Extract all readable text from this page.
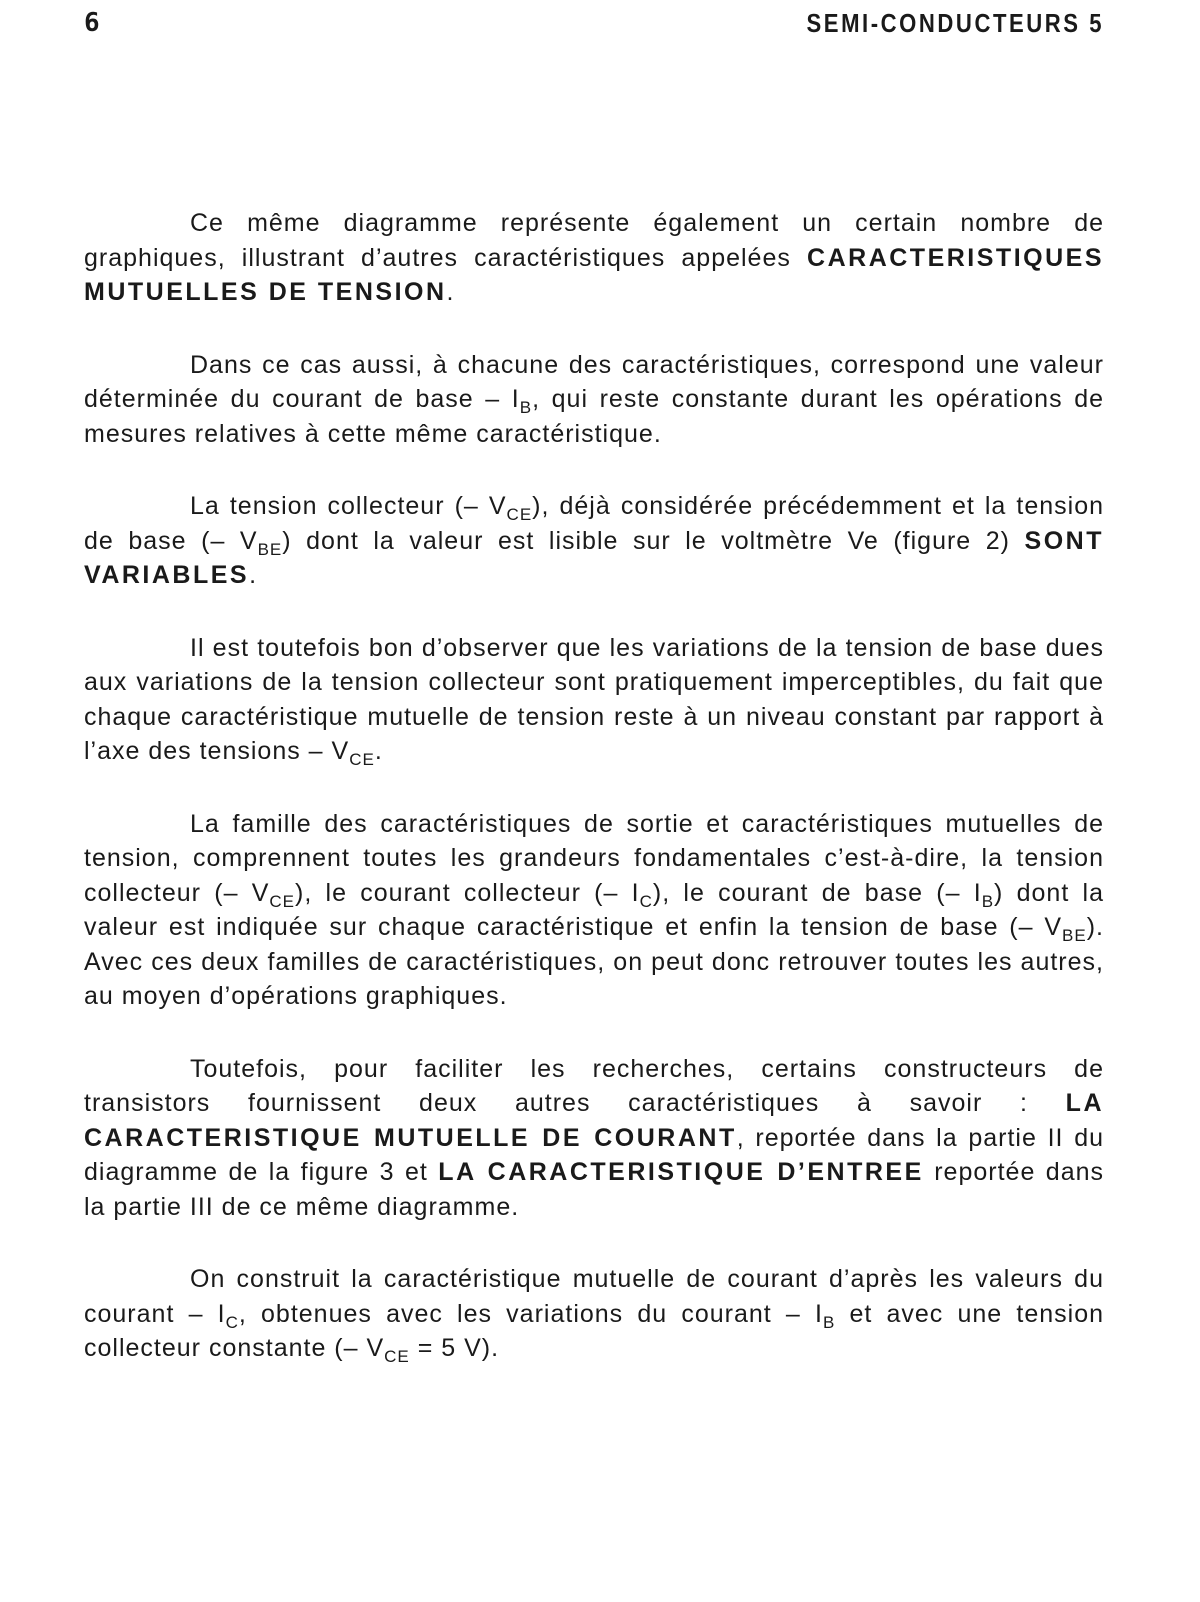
6	SEMI-CONDUCTEURS 5

Ce même diagramme représente également un certain nombre de graphiques, illustrant d’autres caractéristiques appelées CARACTERISTIQUES MUTUELLES DE TENSION.

Dans ce cas aussi, à chacune des caractéristiques, correspond une valeur déterminée du courant de base – $I_B$, qui reste constante durant les opérations de mesures relatives à cette même caractéristique.

La tension collecteur (– $V_{CE}$), déjà considérée précédemment et la tension de base (– $V_{BE}$) dont la valeur est lisible sur le voltmètre Ve (figure 2) SONT VARIABLES.

Il est toutefois bon d’observer que les variations de la tension de base dues aux variations de la tension collecteur sont pratiquement imperceptibles, du fait que chaque caractéristique mutuelle de tension reste à un niveau constant par rapport à l’axe des tensions – $V_{CE}$.

La famille des caractéristiques de sortie et caractéristiques mutuelles de tension, comprennent toutes les grandeurs fondamentales c’est-à-dire, la tension collecteur (– $V_{CE}$), le courant collecteur (– $I_C$), le courant de base (– $I_B$) dont la valeur est indiquée sur chaque caractéristique et enfin la tension de base (– $V_{BE}$). Avec ces deux familles de caractéristiques, on peut donc retrouver toutes les autres, au moyen d’opérations graphiques.

Toutefois, pour faciliter les recherches, certains constructeurs de transistors fournissent deux autres caractéristiques à savoir : LA CARACTERISTIQUE MUTUELLE DE COURANT, reportée dans la partie II du diagramme de la figure 3 et LA CARACTERISTIQUE D’ENTREE reportée dans la partie III de ce même diagramme.

On construit la caractéristique mutuelle de courant d’après les valeurs du courant – $I_C$, obtenues avec les variations du courant – $I_B$ et avec une tension collecteur constante (– $V_{CE} = 5$ V).
